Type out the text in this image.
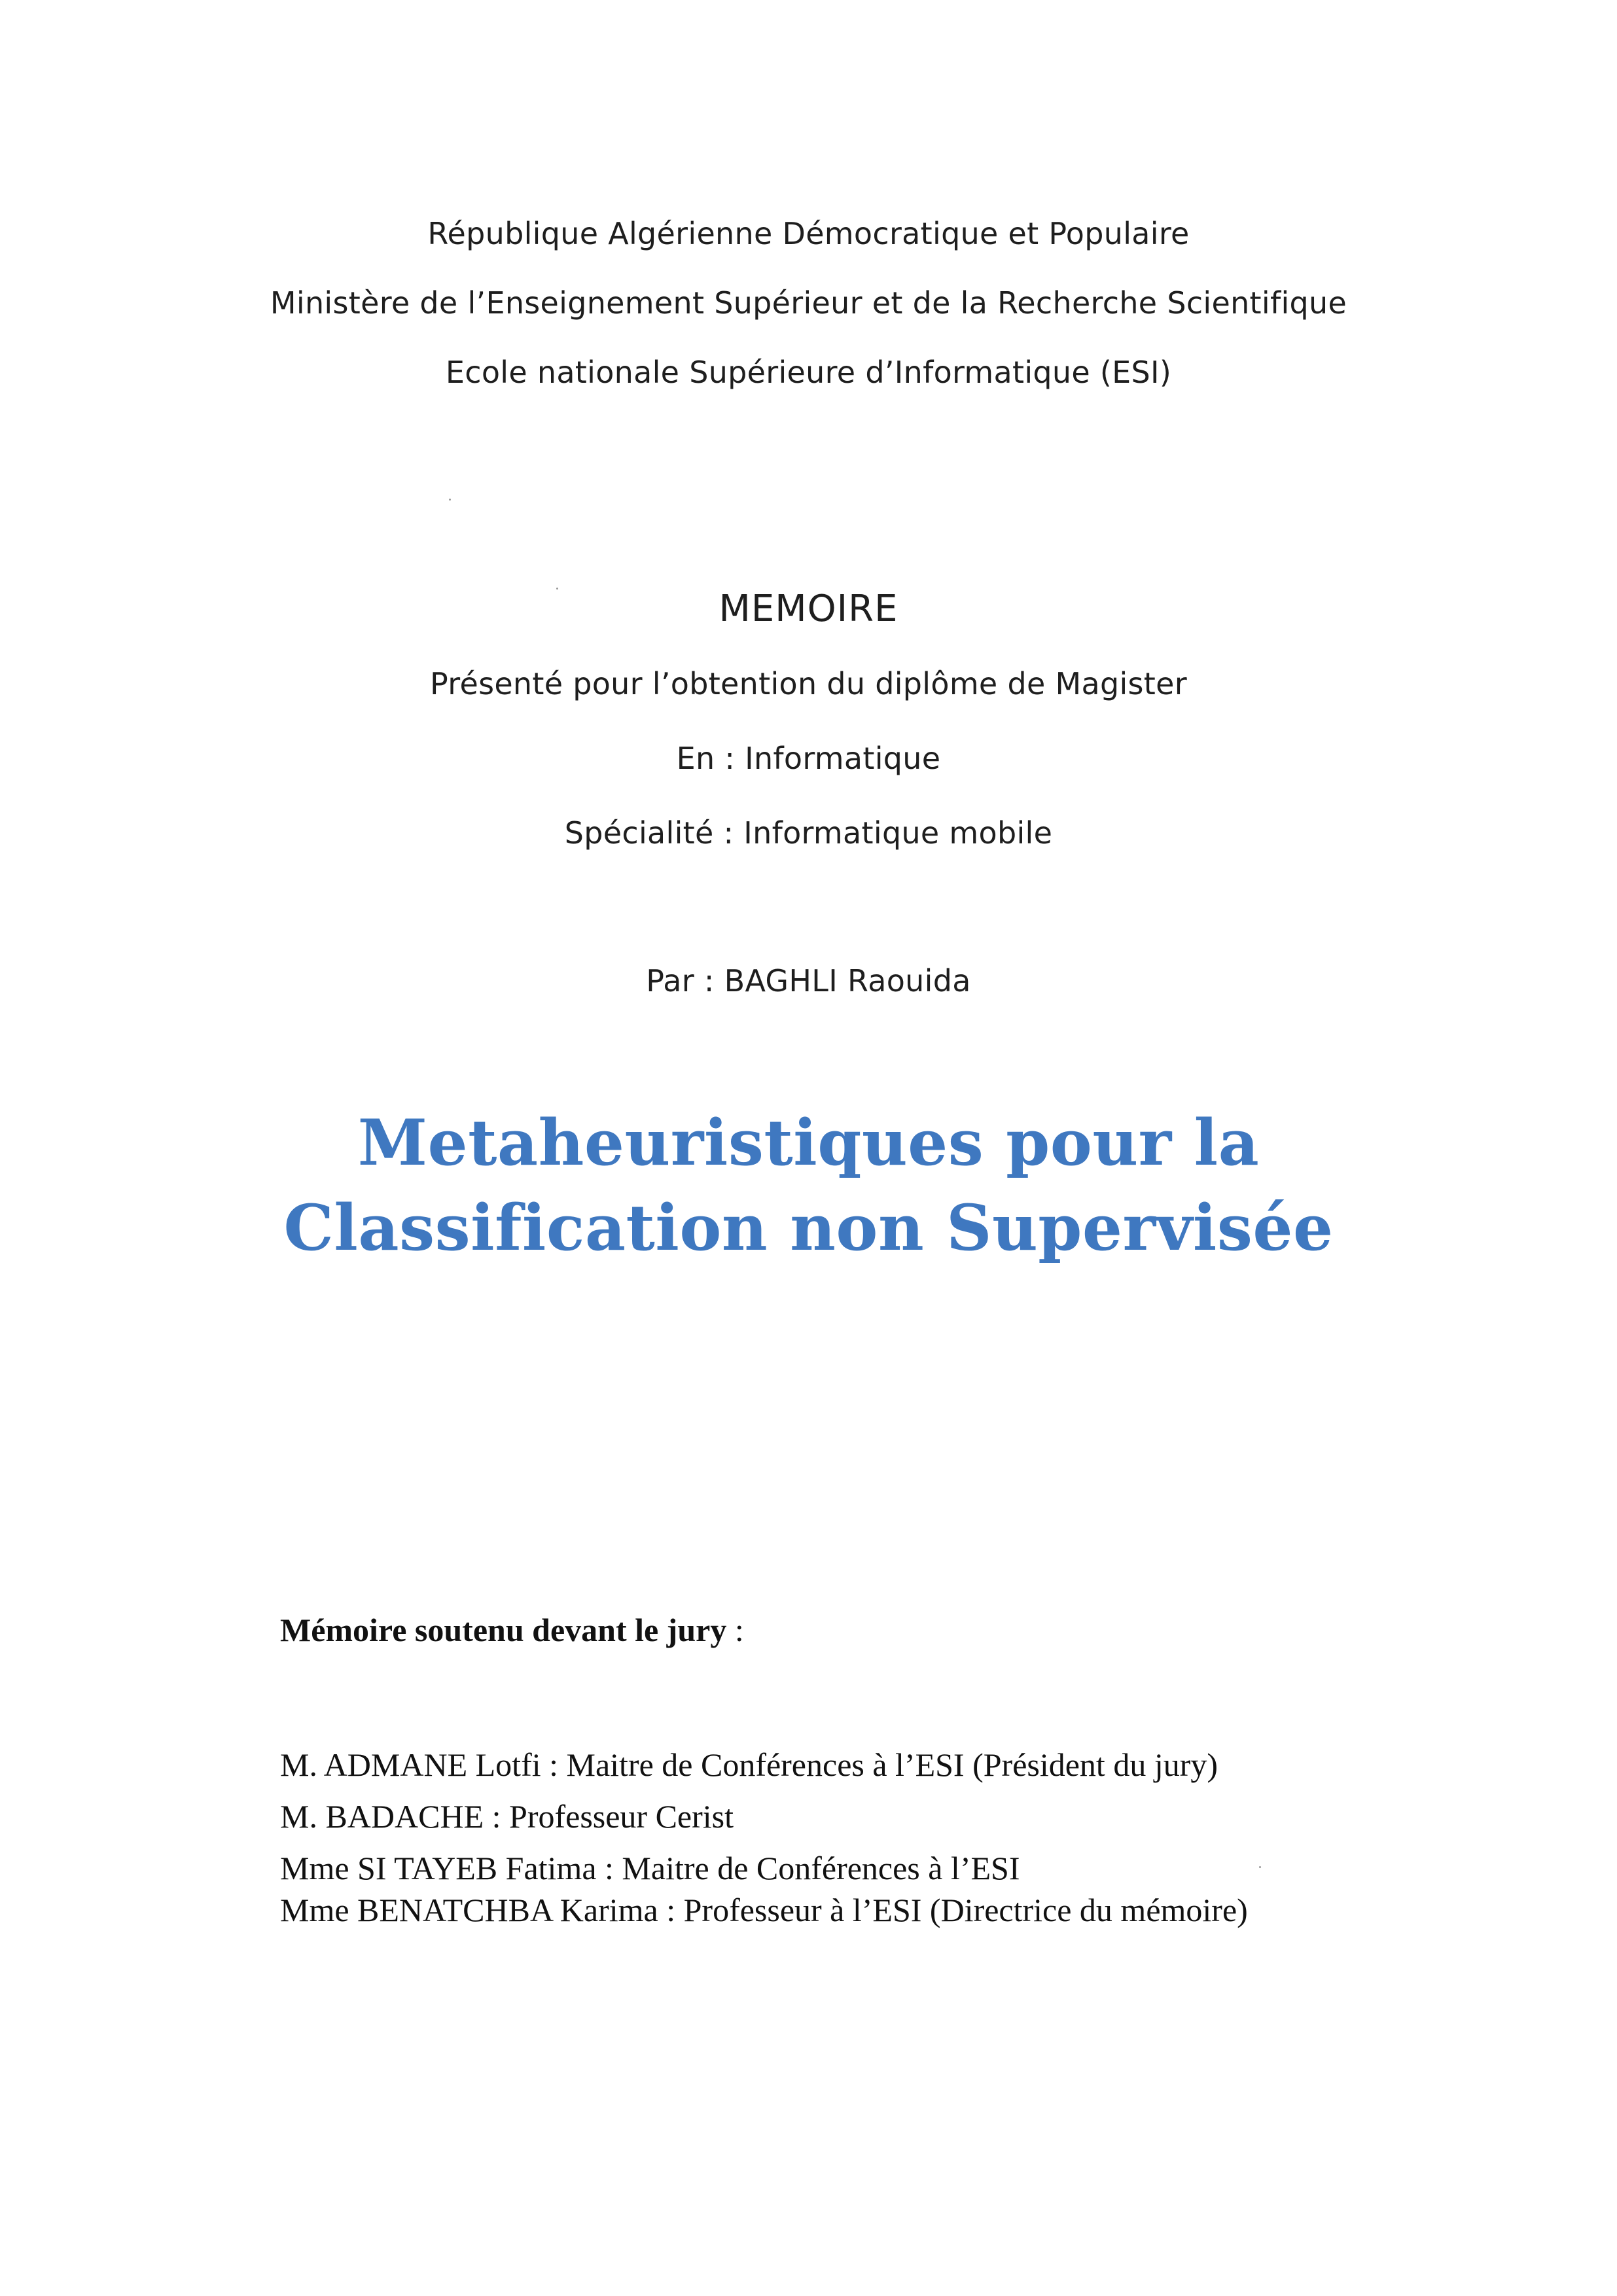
République Algérienne Démocratique et Populaire
Ministère de l’Enseignement Supérieur et de la Recherche Scientifique
Ecole nationale Supérieure d’Informatique (ESI)
MEMOIRE
Présenté pour l’obtention du diplôme de Magister
En : Informatique
Spécialité : Informatique mobile
Par : BAGHLI Raouida
Metaheuristiques pour la
Classification non Supervisée
Mémoire soutenu devant le jury :
M. ADMANE Lotfi : Maitre de Conférences à l’ESI (Président du jury)
M. BADACHE : Professeur Cerist
Mme SI TAYEB Fatima : Maitre de Conférences à l’ESI
Mme BENATCHBA Karima : Professeur à l’ESI (Directrice du mémoire)
